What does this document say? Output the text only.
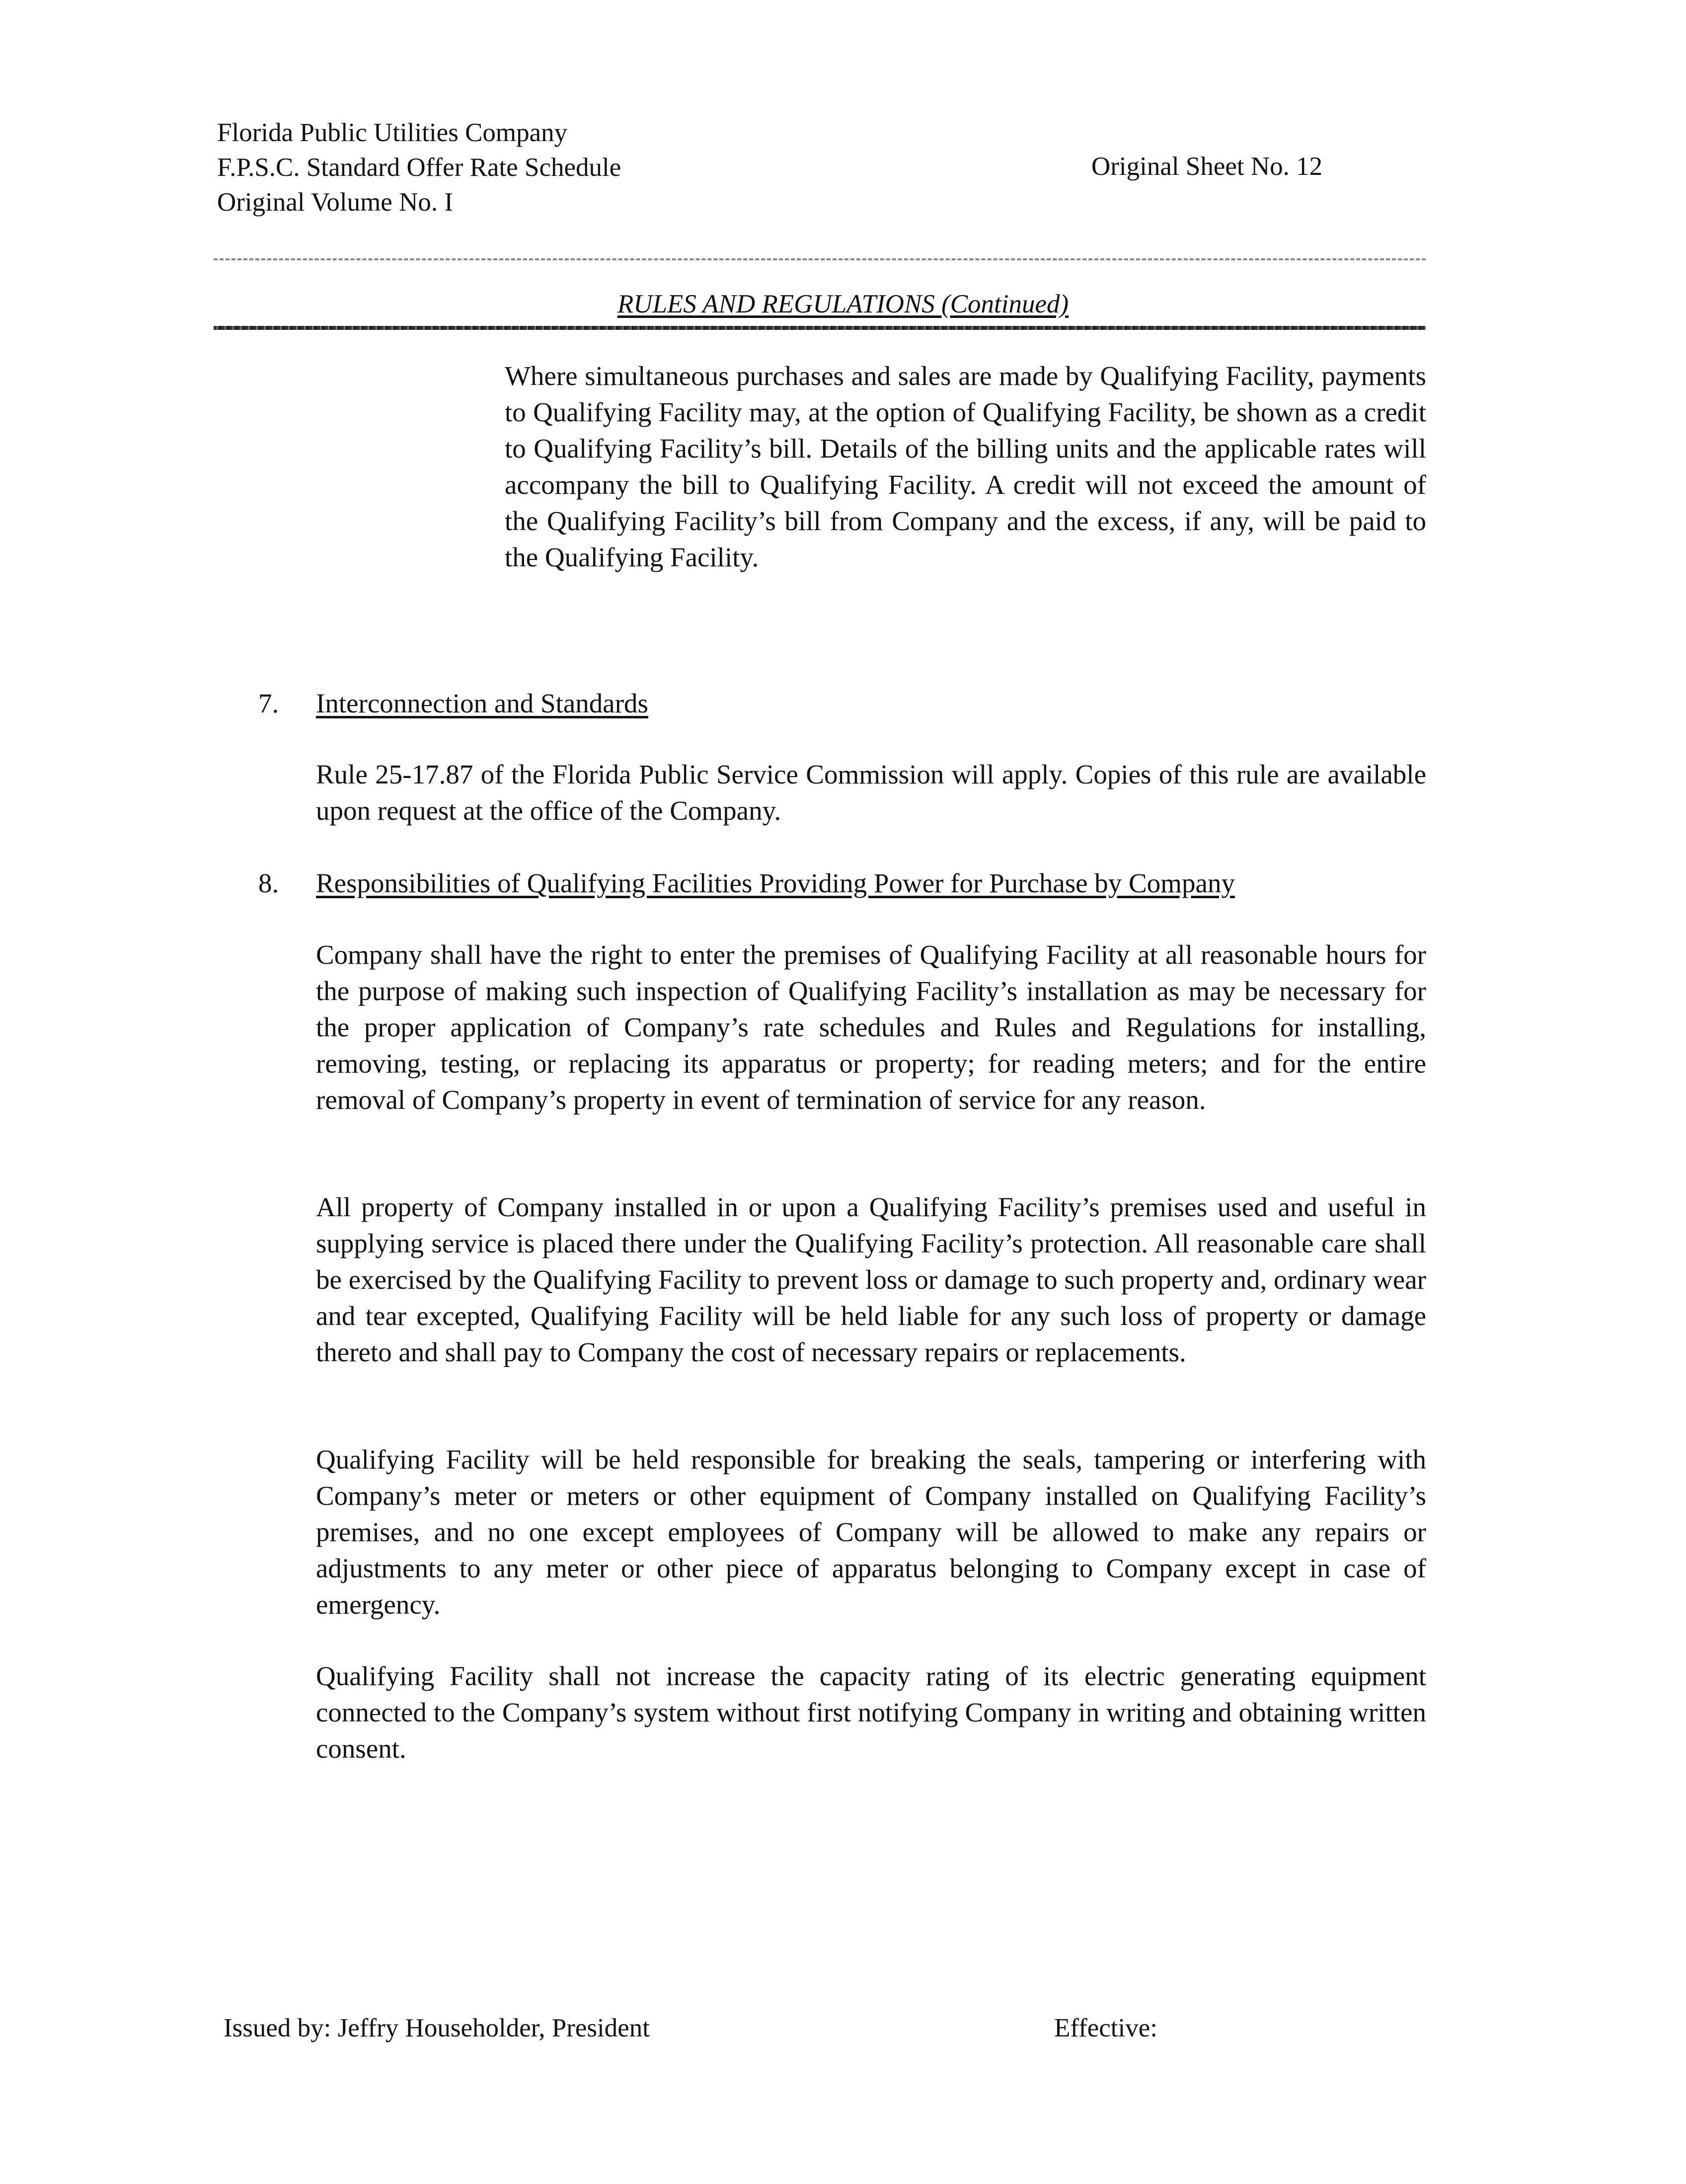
Florida Public Utilities Company
F.P.S.C. Standard Offer Rate Schedule
Original Volume No. I
Original Sheet No. 12
RULES AND REGULATIONS (Continued)
Where simultaneous purchases and sales are made by Qualifying Facility, payments to Qualifying Facility may, at the option of Qualifying Facility, be shown as a credit to Qualifying Facility’s bill. Details of the billing units and the applicable rates will accompany the bill to Qualifying Facility. A credit will not exceed the amount of the Qualifying Facility’s bill from Company and the excess, if any, will be paid to the Qualifying Facility.
7. Interconnection and Standards
Rule 25-17.87 of the Florida Public Service Commission will apply. Copies of this rule are available upon request at the office of the Company.
8. Responsibilities of Qualifying Facilities Providing Power for Purchase by Company
Company shall have the right to enter the premises of Qualifying Facility at all reasonable hours for the purpose of making such inspection of Qualifying Facility’s installation as may be necessary for the proper application of Company’s rate schedules and Rules and Regulations for installing, removing, testing, or replacing its apparatus or property; for reading meters; and for the entire removal of Company’s property in event of termination of service for any reason.
All property of Company installed in or upon a Qualifying Facility’s premises used and useful in supplying service is placed there under the Qualifying Facility’s protection. All reasonable care shall be exercised by the Qualifying Facility to prevent loss or damage to such property and, ordinary wear and tear excepted, Qualifying Facility will be held liable for any such loss of property or damage thereto and shall pay to Company the cost of necessary repairs or replacements.
Qualifying Facility will be held responsible for breaking the seals, tampering or interfering with Company’s meter or meters or other equipment of Company installed on Qualifying Facility’s premises, and no one except employees of Company will be allowed to make any repairs or adjustments to any meter or other piece of apparatus belonging to Company except in case of emergency.
Qualifying Facility shall not increase the capacity rating of its electric generating equipment connected to the Company’s system without first notifying Company in writing and obtaining written consent.
Issued by: Jeffry Householder, President	Effective:
